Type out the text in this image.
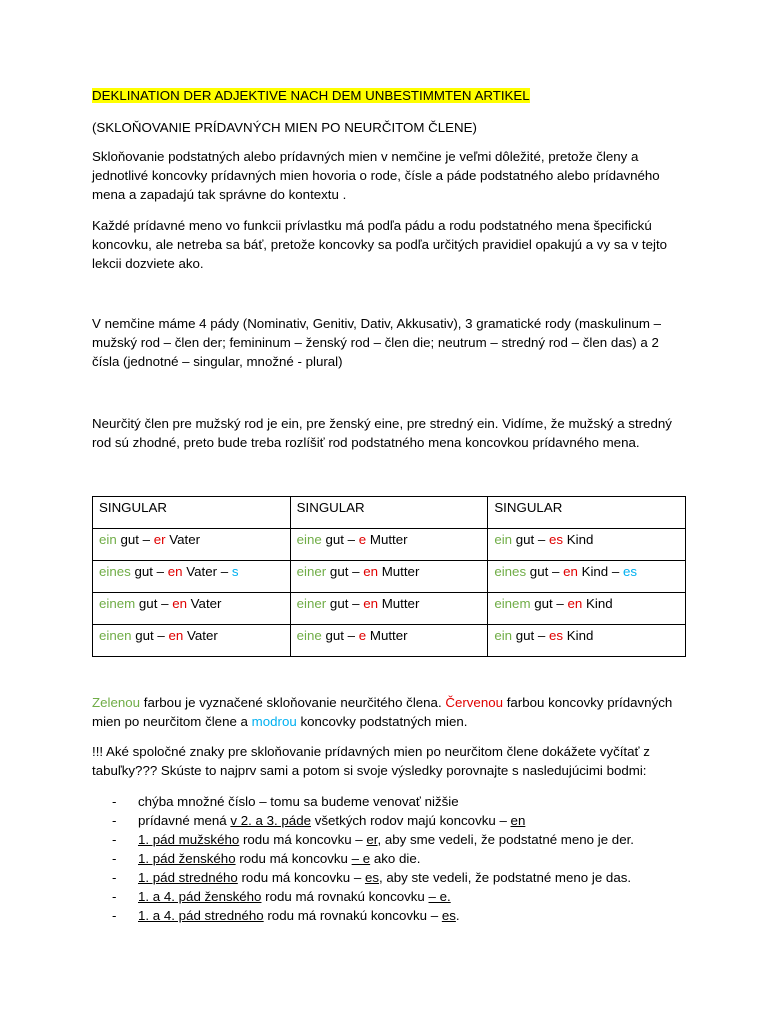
DEKLINATION DER ADJEKTIVE NACH DEM UNBESTIMMTEN ARTIKEL

(SKLOŇOVANIE PRÍDAVNÝCH MIEN PO NEURČITOM ČLENE)

Skloňovanie podstatných alebo prídavných mien v nemčine je veľmi dôležité, pretože členy a jednotlivé koncovky prídavných mien hovoria o rode, čísle a páde podstatného alebo prídavného mena a zapadajú tak správne do kontextu .

Každé prídavné meno vo funkcii prívlastku má podľa pádu a rodu podstatného mena špecifickú koncovku, ale netreba sa báť, pretože koncovky sa podľa určitých pravidiel opakujú a vy sa v tejto lekcii dozviete ako.

V nemčine máme 4 pády (Nominativ, Genitiv, Dativ, Akkusativ), 3 gramatické rody (maskulinum – mužský rod – člen der; femininum – ženský rod – člen die; neutrum – stredný rod – člen das) a 2 čísla (jednotné – singular, množné - plural)

Neurčitý člen pre mužský rod je ein, pre ženský eine, pre stredný ein. Vidíme, že mužský a stredný rod sú zhodné, preto bude treba rozlíšiť rod podstatného mena koncovkou prídavného mena.

SINGULAR	SINGULAR	SINGULAR
ein gut – er Vater	eine gut – e Mutter	ein gut – es Kind
eines gut – en Vater – s	einer gut – en Mutter	eines gut – en Kind – es
einem gut – en Vater	einer gut – en Mutter	einem gut – en Kind
einen gut – en Vater	eine gut – e Mutter	ein gut – es Kind

Zelenou farbou je vyznačené skloňovanie neurčitého člena. Červenou farbou koncovky prídavných mien po neurčitom člene a modrou koncovky podstatných mien.

!!! Aké spoločné znaky pre skloňovanie prídavných mien po neurčitom člene dokážete vyčítať z tabuľky??? Skúste to najprv sami a potom si svoje výsledky porovnajte s nasledujúcimi bodmi:

- chýba množné číslo – tomu sa budeme venovať nižšie
- prídavné mená v 2. a 3. páde všetkých rodov majú koncovku – en
- 1. pád mužského rodu má koncovku – er, aby sme vedeli, že podstatné meno je der.
- 1. pád ženského rodu má koncovku – e ako die.
- 1. pád stredného rodu má koncovku – es, aby ste vedeli, že podstatné meno je das.
- 1. a 4. pád ženského rodu má rovnakú koncovku – e.
- 1. a 4. pád stredného rodu má rovnakú koncovku – es.
